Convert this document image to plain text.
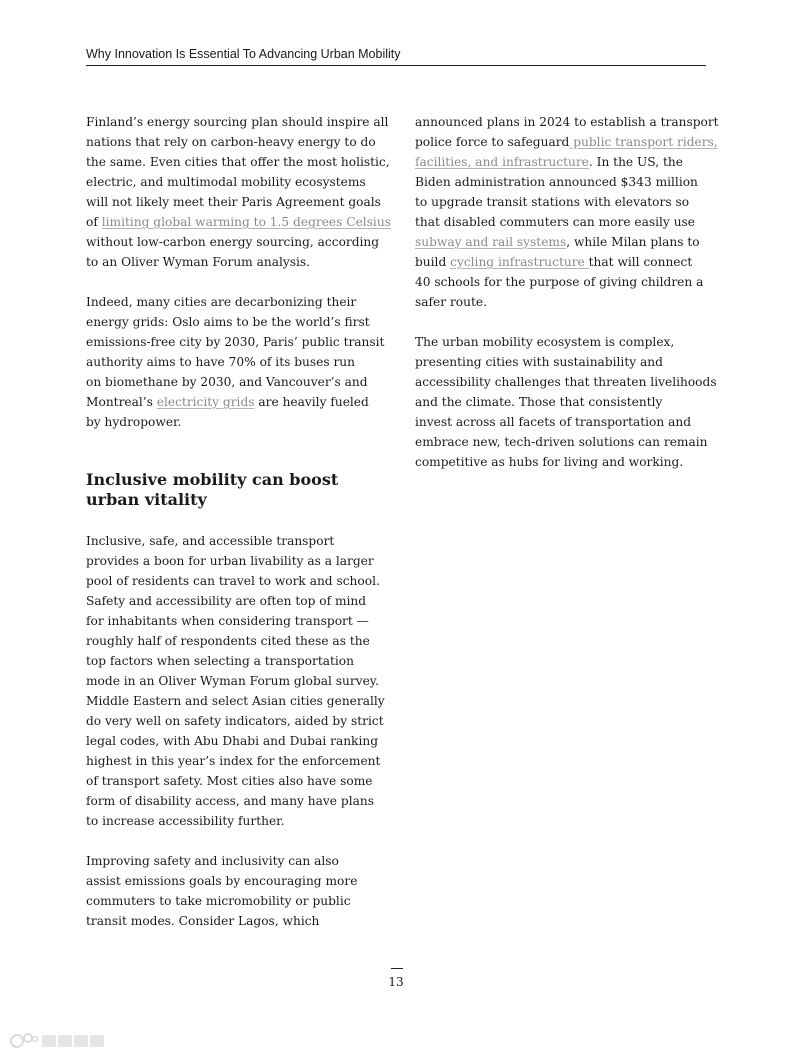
Why Innovation Is Essential To Advancing Urban Mobility

Finland’s energy sourcing plan should inspire all
nations that rely on carbon-heavy energy to do
the same. Even cities that offer the most holistic,
electric, and multimodal mobility ecosystems
will not likely meet their Paris Agreement goals
of limiting global warming to 1.5 degrees Celsius
without low-carbon energy sourcing, according
to an Oliver Wyman Forum analysis.

Indeed, many cities are decarbonizing their
energy grids: Oslo aims to be the world’s first
emissions-free city by 2030, Paris’ public transit
authority aims to have 70% of its buses run
on biomethane by 2030, and Vancouver’s and
Montreal’s electricity grids are heavily fueled
by hydropower.

Inclusive mobility can boost
urban vitality

Inclusive, safe, and accessible transport
provides a boon for urban livability as a larger
pool of residents can travel to work and school.
Safety and accessibility are often top of mind
for inhabitants when considering transport —
roughly half of respondents cited these as the
top factors when selecting a transportation
mode in an Oliver Wyman Forum global survey.
Middle Eastern and select Asian cities generally
do very well on safety indicators, aided by strict
legal codes, with Abu Dhabi and Dubai ranking
highest in this year’s index for the enforcement
of transport safety. Most cities also have some
form of disability access, and many have plans
to increase accessibility further.

Improving safety and inclusivity can also
assist emissions goals by encouraging more
commuters to take micromobility or public
transit modes. Consider Lagos, which

announced plans in 2024 to establish a transport
police force to safeguard public transport riders,
facilities, and infrastructure. In the US, the
Biden administration announced $343 million
to upgrade transit stations with elevators so
that disabled commuters can more easily use
subway and rail systems, while Milan plans to
build cycling infrastructure that will connect
40 schools for the purpose of giving children a
safer route.

The urban mobility ecosystem is complex,
presenting cities with sustainability and
accessibility challenges that threaten livelihoods
and the climate. Those that consistently
invest across all facets of transportation and
embrace new, tech-driven solutions can remain
competitive as hubs for living and working.

13
